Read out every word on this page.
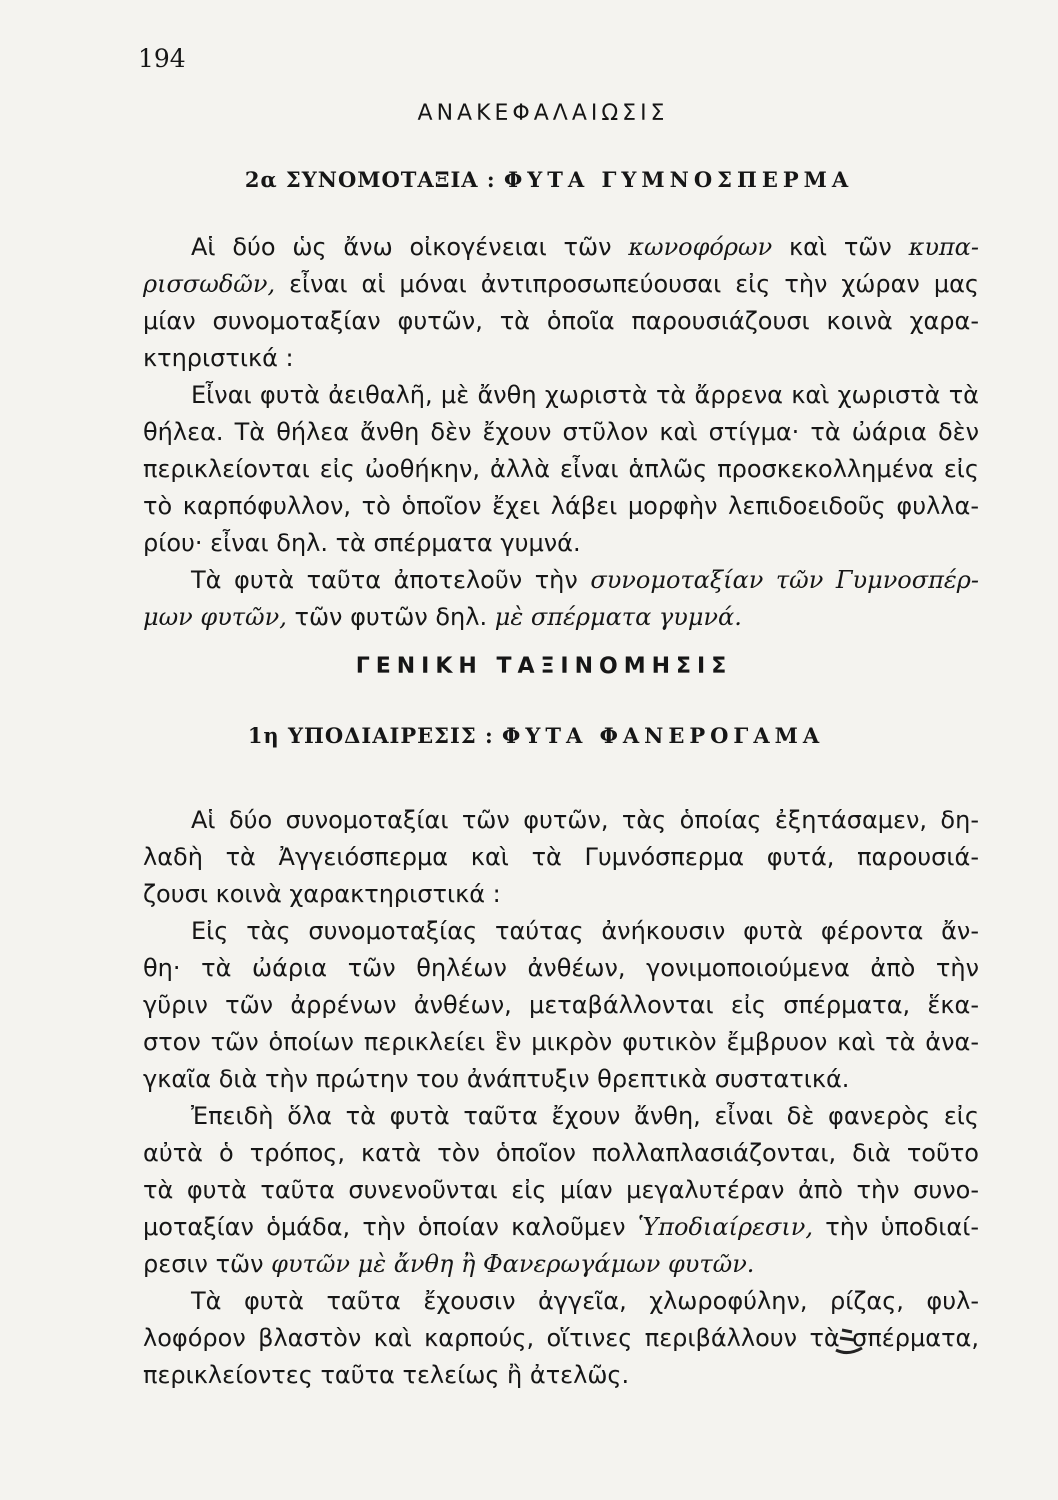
194
ΑΝΑΚΕΦΑΛΑΙΩΣΙΣ
2α ΣΥΝΟΜΟΤΑΞΙΑ : ΦΥΤΑ ΓΥΜΝΟΣΠΕΡΜΑ
Αἱ δύο ὡς ἄνω οἰκογένειαι τῶν κωνοφόρων καὶ τῶν κυπα-
ρισσωδῶν, εἶναι αἱ μόναι ἀντιπροσωπεύουσαι εἰς τὴν χώραν μας
μίαν συνομοταξίαν φυτῶν, τὰ ὁποῖα παρουσιάζουσι κοινὰ χαρα-
κτηριστικά :
Εἶναι φυτὰ ἀειθαλῆ, μὲ ἄνθη χωριστὰ τὰ ἄρρενα καὶ χωριστὰ τὰ
θήλεα. Τὰ θήλεα ἄνθη δὲν ἔχουν στῦλον καὶ στίγμα· τὰ ὠάρια δὲν
περικλείονται εἰς ὠοθήκην, ἀλλὰ εἶναι ἁπλῶς προσκεκολλημένα εἰς
τὸ καρπόφυλλον, τὸ ὁποῖον ἔχει λάβει μορφὴν λεπιδοειδοῦς φυλλα-
ρίου· εἶναι δηλ. τὰ σπέρματα γυμνά.
Τὰ φυτὰ ταῦτα ἀποτελοῦν τὴν συνομοταξίαν τῶν Γυμνοσπέρ-
μων φυτῶν, τῶν φυτῶν δηλ. μὲ σπέρματα γυμνά.
ΓΕΝΙΚΗ ΤΑΞΙΝΟΜΗΣΙΣ
1η ΥΠΟΔΙΑΙΡΕΣΙΣ : ΦΥΤΑ ΦΑΝΕΡΟΓΑΜΑ
Αἱ δύο συνομοταξίαι τῶν φυτῶν, τὰς ὁποίας ἐξητάσαμεν, δη-
λαδὴ τὰ Ἀγγειόσπερμα καὶ τὰ Γυμνόσπερμα φυτά, παρουσιά-
ζουσι κοινὰ χαρακτηριστικά :
Εἰς τὰς συνομοταξίας ταύτας ἀνήκουσιν φυτὰ φέροντα ἄν-
θη· τὰ ὠάρια τῶν θηλέων ἀνθέων, γονιμοποιούμενα ἀπὸ τὴν
γῦριν τῶν ἀρρένων ἀνθέων, μεταβάλλονται εἰς σπέρματα, ἕκα-
στον τῶν ὁποίων περικλείει ἓν μικρὸν φυτικὸν ἔμβρυον καὶ τὰ ἀνα-
γκαῖα διὰ τὴν πρώτην του ἀνάπτυξιν θρεπτικὰ συστατικά.
Ἐπειδὴ ὅλα τὰ φυτὰ ταῦτα ἔχουν ἄνθη, εἶναι δὲ φανερὸς εἰς
αὐτὰ ὁ τρόπος, κατὰ τὸν ὁποῖον πολλαπλασιάζονται, διὰ τοῦτο
τὰ φυτὰ ταῦτα συνενοῦνται εἰς μίαν μεγαλυτέραν ἀπὸ τὴν συνο-
μοταξίαν ὁμάδα, τὴν ὁποίαν καλοῦμεν Ὑποδιαίρεσιν, τὴν ὑποδιαί-
ρεσιν τῶν φυτῶν μὲ ἄνθη ἢ Φανερωγάμων φυτῶν.
Τὰ φυτὰ ταῦτα ἔχουσιν ἀγγεῖα, χλωροφύλην, ρίζας, φυλ-
λοφόρον βλαστὸν καὶ καρπούς, οἵτινες περιβάλλουν τὰ σπέρματα,
περικλείοντες ταῦτα τελείως ἢ ἀτελῶς.
